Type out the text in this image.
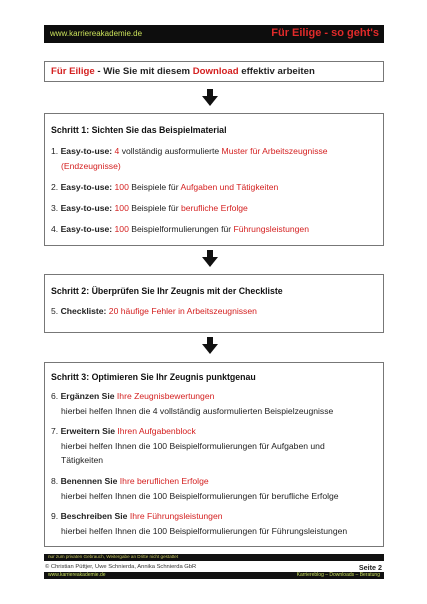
www.karriereakademie.de	Für Eilige - so geht's
Für Eilige - Wie Sie mit diesem Download effektiv arbeiten
Schritt 1: Sichten Sie das Beispielmaterial
1. Easy-to-use: 4 vollständig ausformulierte Muster für Arbeitszeugnisse
(Endzeugnisse)
2. Easy-to-use: 100 Beispiele für Aufgaben und Tätigkeiten
3. Easy-to-use: 100 Beispiele für berufliche Erfolge
4. Easy-to-use: 100 Beispielformulierungen für Führungsleistungen
Schritt 2: Überprüfen Sie Ihr Zeugnis mit der Checkliste
5. Checkliste: 20 häufige Fehler in Arbeitszeugnissen
Schritt 3: Optimieren Sie Ihr Zeugnis punktgenau
6. Ergänzen Sie Ihre Zeugnisbewertungen
hierbei helfen Ihnen die 4 vollständig ausformulierten Beispielzeugnisse
7. Erweitern Sie Ihren Aufgabenblock
hierbei helfen Ihnen die 100 Beispielformulierungen für Aufgaben und
Tätigkeiten
8. Benennen Sie Ihre beruflichen Erfolge
hierbei helfen Ihnen die 100 Beispielformulierungen für berufliche Erfolge
9. Beschreiben Sie Ihre Führungsleistungen
hierbei helfen Ihnen die 100 Beispielformulierungen für Führungsleistungen
nur zum privaten Gebrauch, Weitergabe an Dritte nicht gestattet
© Christian Püttjer, Uwe Schnierda, Annika Schnierda GbR	Seite 2
www.karriereakademie.de	Karriereblog – Downloads – Beratung
